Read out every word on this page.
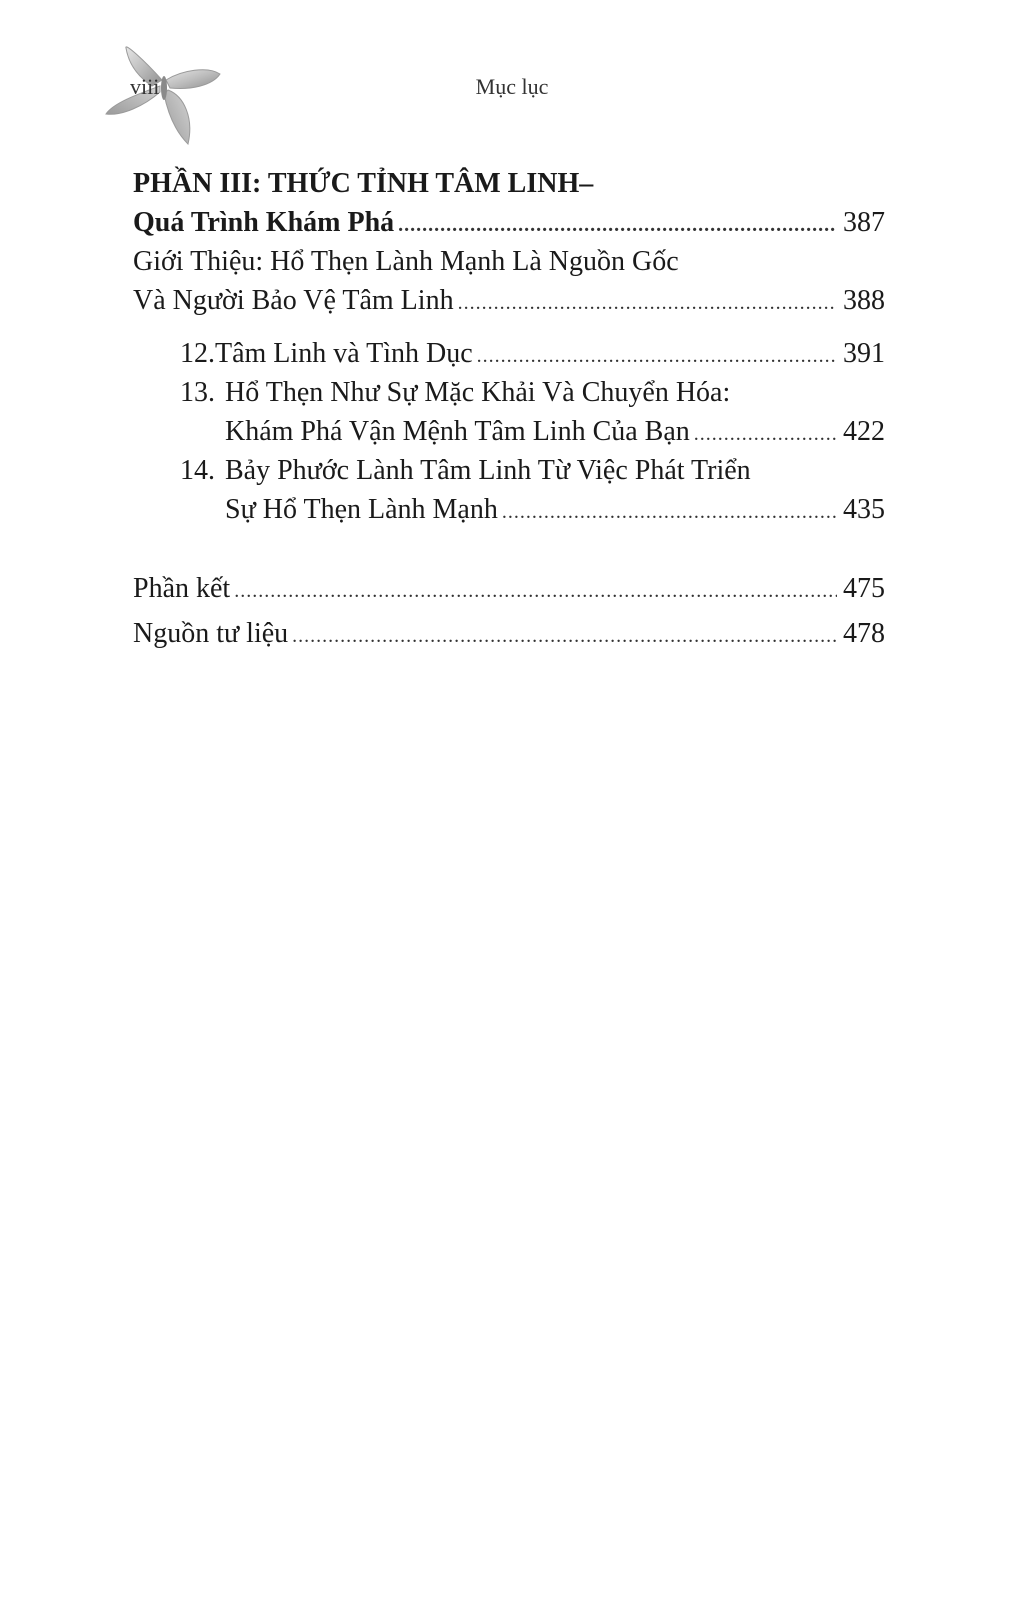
viii	Mục lục
PHẦN III: THỨC TỈNH TÂM LINH–
Quá Trình Khám Phá .....	387
Giới Thiệu: Hổ Thẹn Lành Mạnh Là Nguồn Gốc
Và Người Bảo Vệ Tâm Linh .....	388
12. Tâm Linh và Tình Dục .....	391
13. Hổ Thẹn Như Sự Mặc Khải Và Chuyển Hóa:
Khám Phá Vận Mệnh Tâm Linh Của Bạn .....	422
14. Bảy Phước Lành Tâm Linh Từ Việc Phát Triển
Sự Hổ Thẹn Lành Mạnh .....	435
Phần kết .....	475
Nguồn tư liệu .....	478
